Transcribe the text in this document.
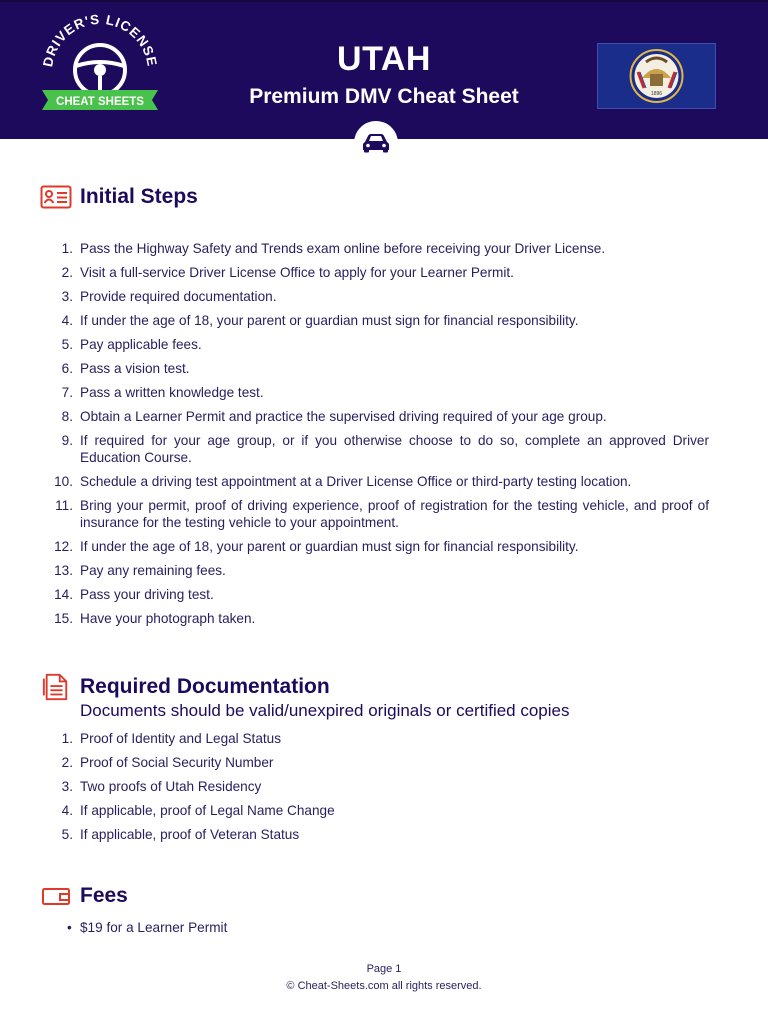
DRIVER'S LICENSE
CHEAT SHEETS
UTAH
Premium DMV Cheat Sheet	1896
Initial Steps
1. Pass the Highway Safety and Trends exam online before receiving your Driver License.
2. Visit a full-service Driver License Office to apply for your Learner Permit.
3. Provide required documentation.
4. If under the age of 18, your parent or guardian must sign for financial responsibility.
5. Pay applicable fees.
6. Pass a vision test.
7. Pass a written knowledge test.
8. Obtain a Learner Permit and practice the supervised driving required of your age group.
9. If required for your age group, or if you otherwise choose to do so, complete an approved Driver Education Course.
10. Schedule a driving test appointment at a Driver License Office or third-party testing location.
11. Bring your permit, proof of driving experience, proof of registration for the testing vehicle, and proof of insurance for the testing vehicle to your appointment.
12. If under the age of 18, your parent or guardian must sign for financial responsibility.
13. Pay any remaining fees.
14. Pass your driving test.
15. Have your photograph taken.
Required Documentation
Documents should be valid/unexpired originals or certified copies
1. Proof of Identity and Legal Status
2. Proof of Social Security Number
3. Two proofs of Utah Residency
4. If applicable, proof of Legal Name Change
5. If applicable, proof of Veteran Status
Fees
• $19 for a Learner Permit
Page 1
© Cheat-Sheets.com all rights reserved.
